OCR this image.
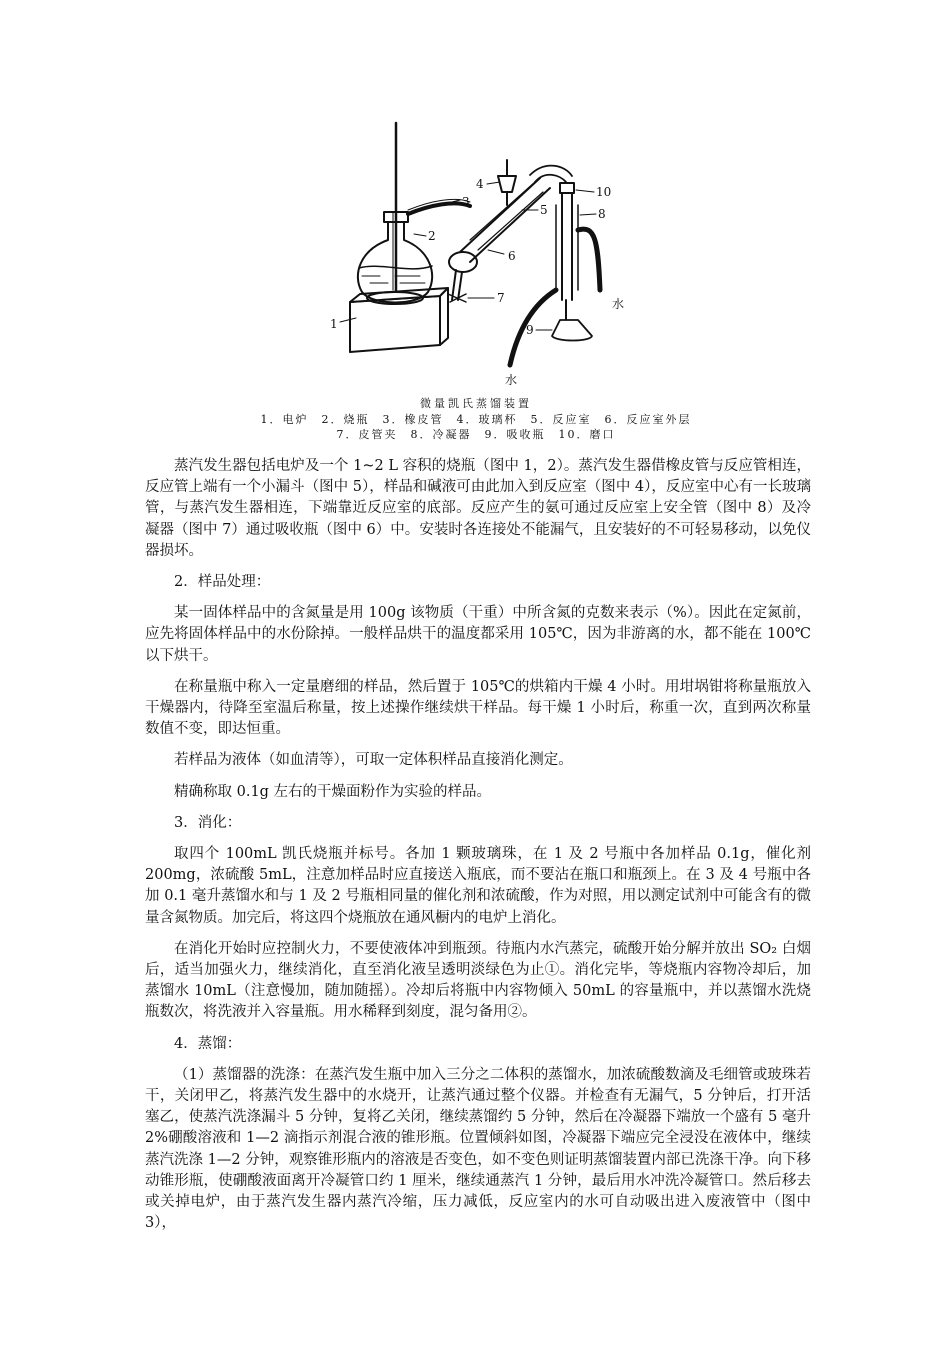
1
2
3
4
5
6
7
8
9
10
水
水
微量凯氏蒸馏装置
1．电炉　2．烧瓶　3．橡皮管　4．玻璃杯　5．反应室　6．反应室外层
7．皮管夹　8．冷凝器　9．吸收瓶　10．磨口

蒸汽发生器包括电炉及一个 1~2 L 容积的烧瓶（图中 1，2）。蒸汽发生器借橡皮管与反应管相连，反应管上端有一个小漏斗（图中 5），样品和碱液可由此加入到反应室（图中 4），反应室中心有一长玻璃管，与蒸汽发生器相连，下端靠近反应室的底部。反应产生的氨可通过反应室上安全管（图中 8）及冷凝器（图中 7）通过吸收瓶（图中 6）中。安装时各连接处不能漏气，且安装好的不可轻易移动，以免仪器损坏。

2．样品处理：

某一固体样品中的含氮量是用 100g 该物质（干重）中所含氮的克数来表示（%）。因此在定氮前，应先将固体样品中的水份除掉。一般样品烘干的温度都采用 105℃，因为非游离的水，都不能在 100℃以下烘干。

在称量瓶中称入一定量磨细的样品，然后置于 105℃的烘箱内干燥 4 小时。用坩埚钳将称量瓶放入干燥器内，待降至室温后称量，按上述操作继续烘干样品。每干燥 1 小时后，称重一次，直到两次称量数值不变，即达恒重。

若样品为液体（如血清等），可取一定体积样品直接消化测定。

精确称取 0.1g 左右的干燥面粉作为实验的样品。

3．消化：

取四个 100mL 凯氏烧瓶并标号。各加 1 颗玻璃珠，在 1 及 2 号瓶中各加样品 0.1g，催化剂 200mg，浓硫酸 5mL，注意加样品时应直接送入瓶底，而不要沾在瓶口和瓶颈上。在 3 及 4 号瓶中各加 0.1 毫升蒸馏水和与 1 及 2 号瓶相同量的催化剂和浓硫酸，作为对照，用以测定试剂中可能含有的微量含氮物质。加完后，将这四个烧瓶放在通风橱内的电炉上消化。

在消化开始时应控制火力，不要使液体冲到瓶颈。待瓶内水汽蒸完，硫酸开始分解并放出 SO₂ 白烟后，适当加强火力，继续消化，直至消化液呈透明淡绿色为止①。消化完毕，等烧瓶内容物冷却后，加蒸馏水 10mL（注意慢加，随加随摇）。冷却后将瓶中内容物倾入 50mL 的容量瓶中，并以蒸馏水洗烧瓶数次，将洗液并入容量瓶。用水稀释到刻度，混匀备用②。

4．蒸馏：

（1）蒸馏器的洗涤：在蒸汽发生瓶中加入三分之二体积的蒸馏水，加浓硫酸数滴及毛细管或玻珠若干，关闭甲乙，将蒸汽发生器中的水烧开，让蒸汽通过整个仪器。并检查有无漏气，5 分钟后，打开活塞乙，使蒸汽洗涤漏斗 5 分钟，复将乙关闭，继续蒸馏约 5 分钟，然后在冷凝器下端放一个盛有 5 毫升 2%硼酸溶液和 1—2 滴指示剂混合液的锥形瓶。位置倾斜如图，冷凝器下端应完全浸没在液体中，继续蒸汽洗涤 1—2 分钟，观察锥形瓶内的溶液是否变色，如不变色则证明蒸馏装置内部已洗涤干净。向下移动锥形瓶，使硼酸液面离开冷凝管口约 1 厘米，继续通蒸汽 1 分钟，最后用水冲洗冷凝管口。然后移去或关掉电炉，由于蒸汽发生器内蒸汽冷缩，压力减低，反应室内的水可自动吸出进入废液管中（图中 3），
